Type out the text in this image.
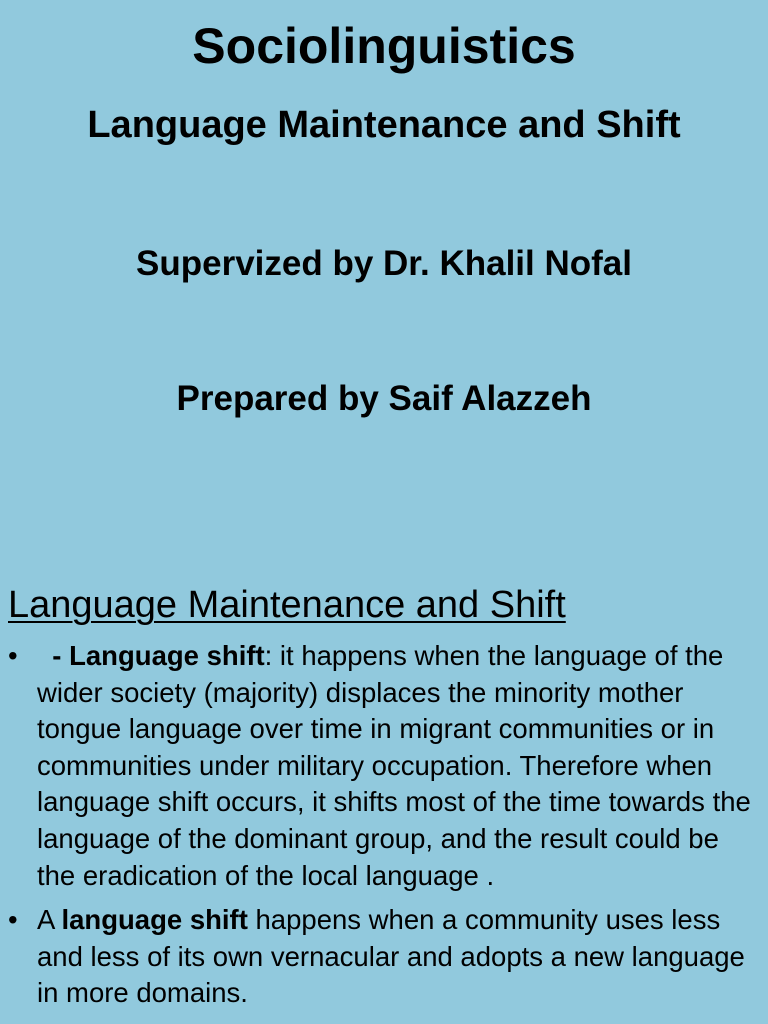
Sociolinguistics
Language Maintenance and Shift
Supervized by Dr. Khalil Nofal
Prepared by Saif Alazzeh
Language Maintenance and Shift
• - Language shift: it happens when the language of the wider society (majority) displaces the minority mother tongue language over time in migrant communities or in communities under military occupation. Therefore when language shift occurs, it shifts most of the time towards the language of the dominant group, and the result could be the eradication of the local language .
• A language shift happens when a community uses less and less of its own vernacular and adopts a new language in more domains.
